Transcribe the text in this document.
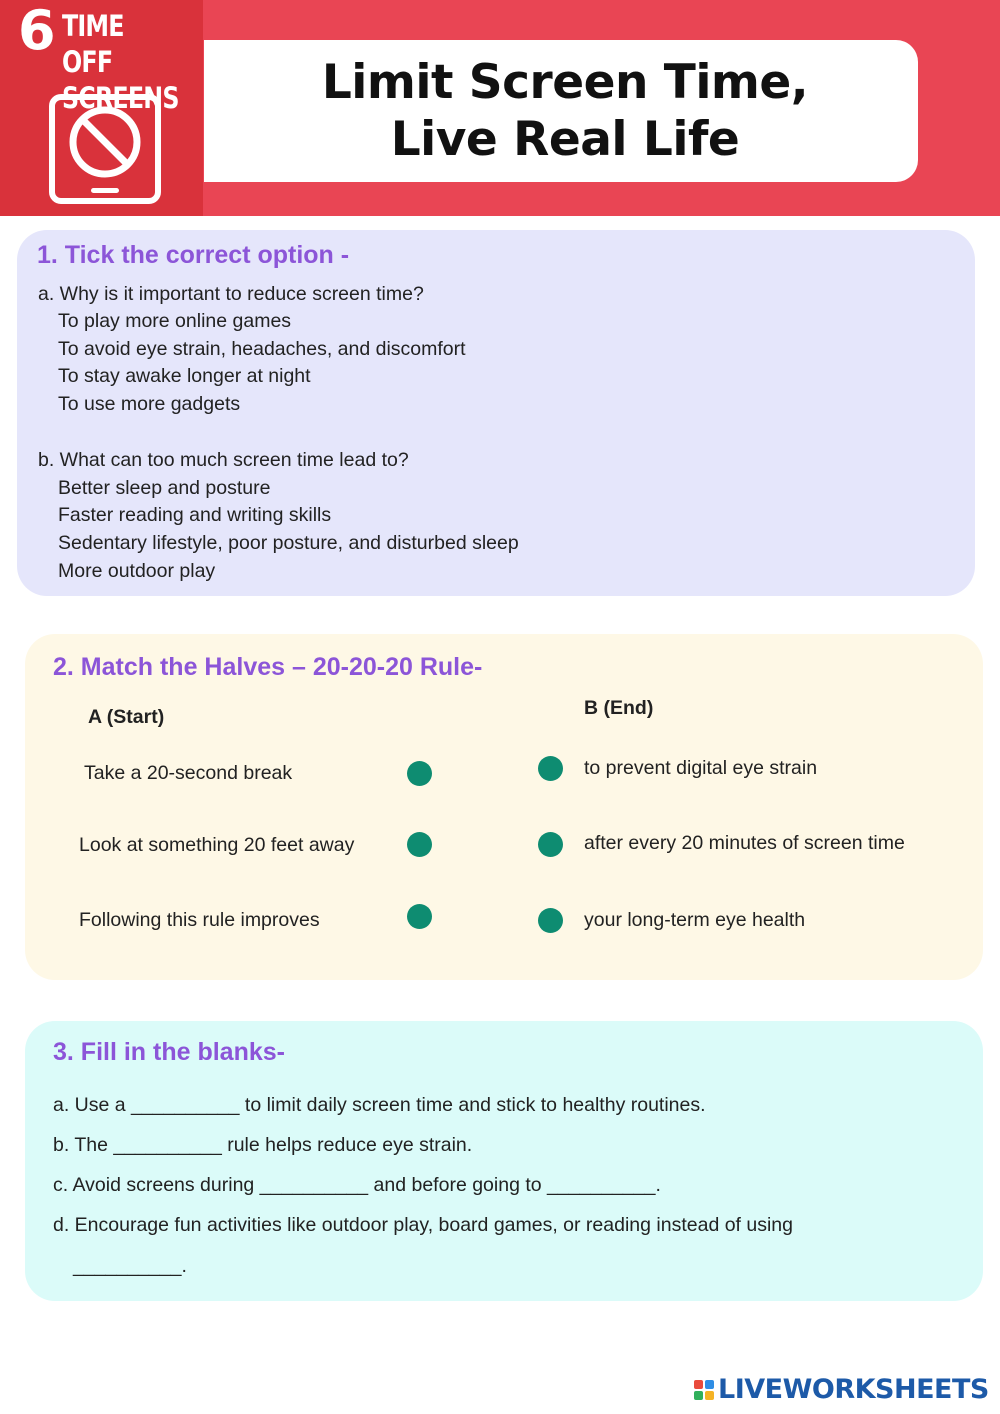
6 TIME OFF
SCREENS	Limit Screen Time,
Live Real Life
1. Tick the correct option -
a. Why is it important to reduce screen time?
To play more online games
To avoid eye strain, headaches, and discomfort
To stay awake longer at night
To use more gadgets
b. What can too much screen time lead to?
Better sleep and posture
Faster reading and writing skills
Sedentary lifestyle, poor posture, and disturbed sleep
More outdoor play
2. Match the Halves – 20-20-20 Rule-
A (Start)	B (End)
Take a 20-second break
Look at something 20 feet away
Following this rule improves
to prevent digital eye strain
after every 20 minutes of screen time
your long-term eye health
3. Fill in the blanks-
a. Use a __________ to limit daily screen time and stick to healthy routines.
b. The __________ rule helps reduce eye strain.
c. Avoid screens during __________ and before going to __________.
d. Encourage fun activities like outdoor play, board games, or reading instead of using
__________.
LIVEWORKSHEETS
